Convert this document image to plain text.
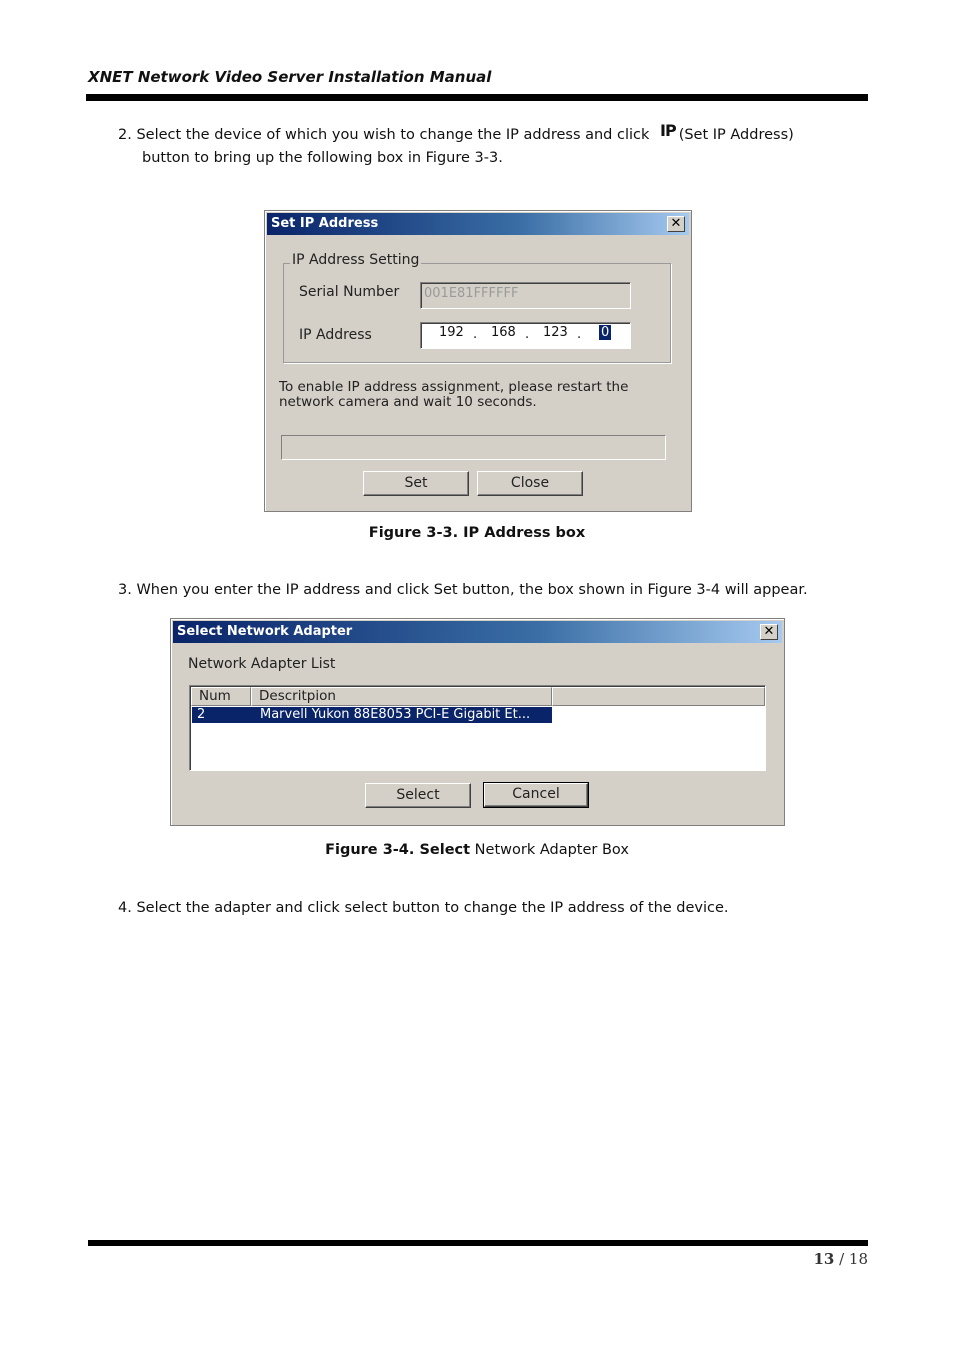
XNET Network Video Server Installation Manual
2. Select the device of which you wish to change the IP address and click IP (Set IP Address)
button to bring up the following box in Figure 3-3.
Set IP Address	✕
IP Address Setting
Serial Number	001E81FFFFFF
IP Address	192 . 168 . 123 . 0
To enable IP address assignment, please restart the
network camera and wait 10 seconds.
Set	Close
Figure 3-3. IP Address box
3. When you enter the IP address and click Set button, the box shown in Figure 3-4 will appear.
Select Network Adapter	✕
Network Adapter List
Num	Descritpion
2	Marvell Yukon 88E8053 PCI-E Gigabit Et...
Select	Cancel
Figure 3-4. Select Network Adapter Box
4. Select the adapter and click select button to change the IP address of the device.
13 / 18
